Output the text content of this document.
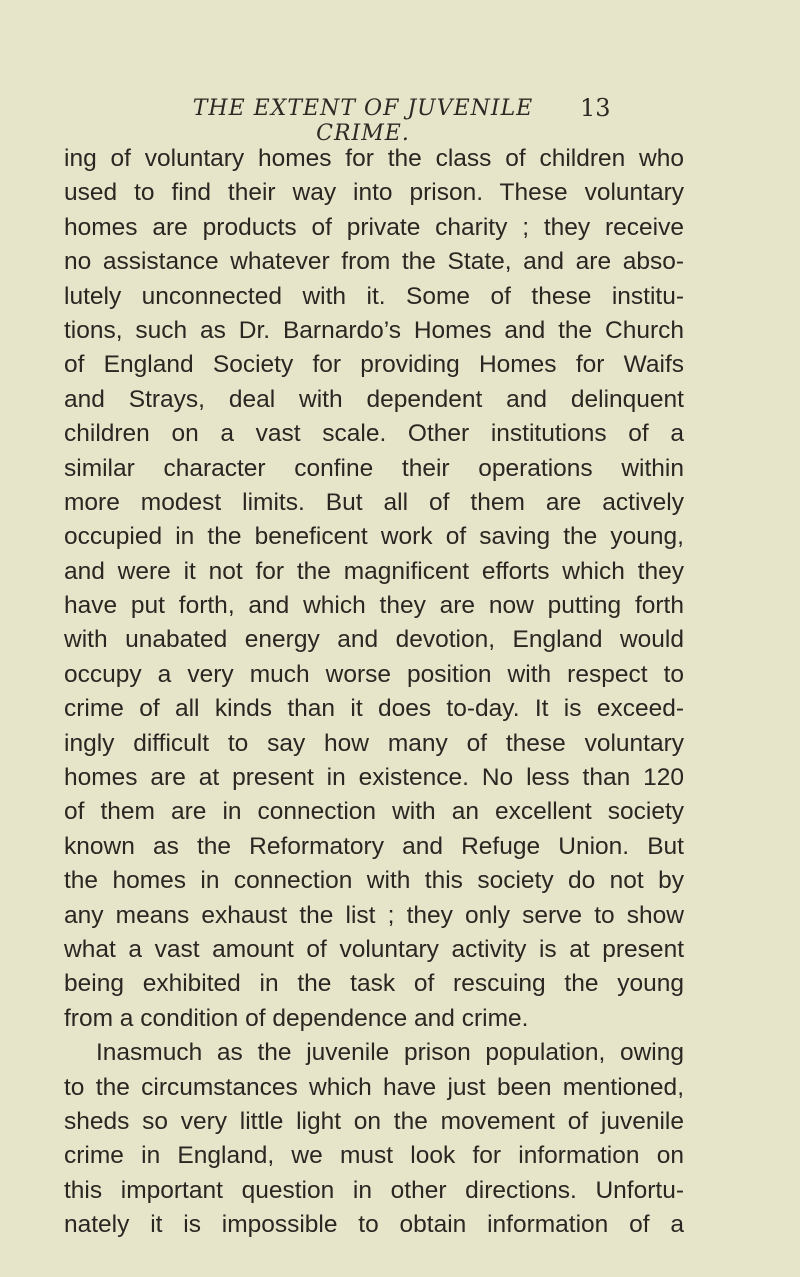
THE EXTENT OF JUVENILE CRIME.
13
ing of voluntary homes for the class of children who
used to find their way into prison. These voluntary
homes are products of private charity ; they receive
no assistance whatever from the State, and are abso-
lutely unconnected with it. Some of these institu-
tions, such as Dr. Barnardo’s Homes and the Church
of England Society for providing Homes for Waifs
and Strays, deal with dependent and delinquent
children on a vast scale. Other institutions of a
similar character confine their operations within
more modest limits. But all of them are actively
occupied in the beneficent work of saving the young,
and were it not for the magnificent efforts which they
have put forth, and which they are now putting forth
with unabated energy and devotion, England would
occupy a very much worse position with respect to
crime of all kinds than it does to-day. It is exceed-
ingly difficult to say how many of these voluntary
homes are at present in existence. No less than 120
of them are in connection with an excellent society
known as the Reformatory and Refuge Union. But
the homes in connection with this society do not by
any means exhaust the list ; they only serve to show
what a vast amount of voluntary activity is at present
being exhibited in the task of rescuing the young
from a condition of dependence and crime.
Inasmuch as the juvenile prison population, owing
to the circumstances which have just been mentioned,
sheds so very little light on the movement of juvenile
crime in England, we must look for information on
this important question in other directions. Unfortu-
nately it is impossible to obtain information of a
